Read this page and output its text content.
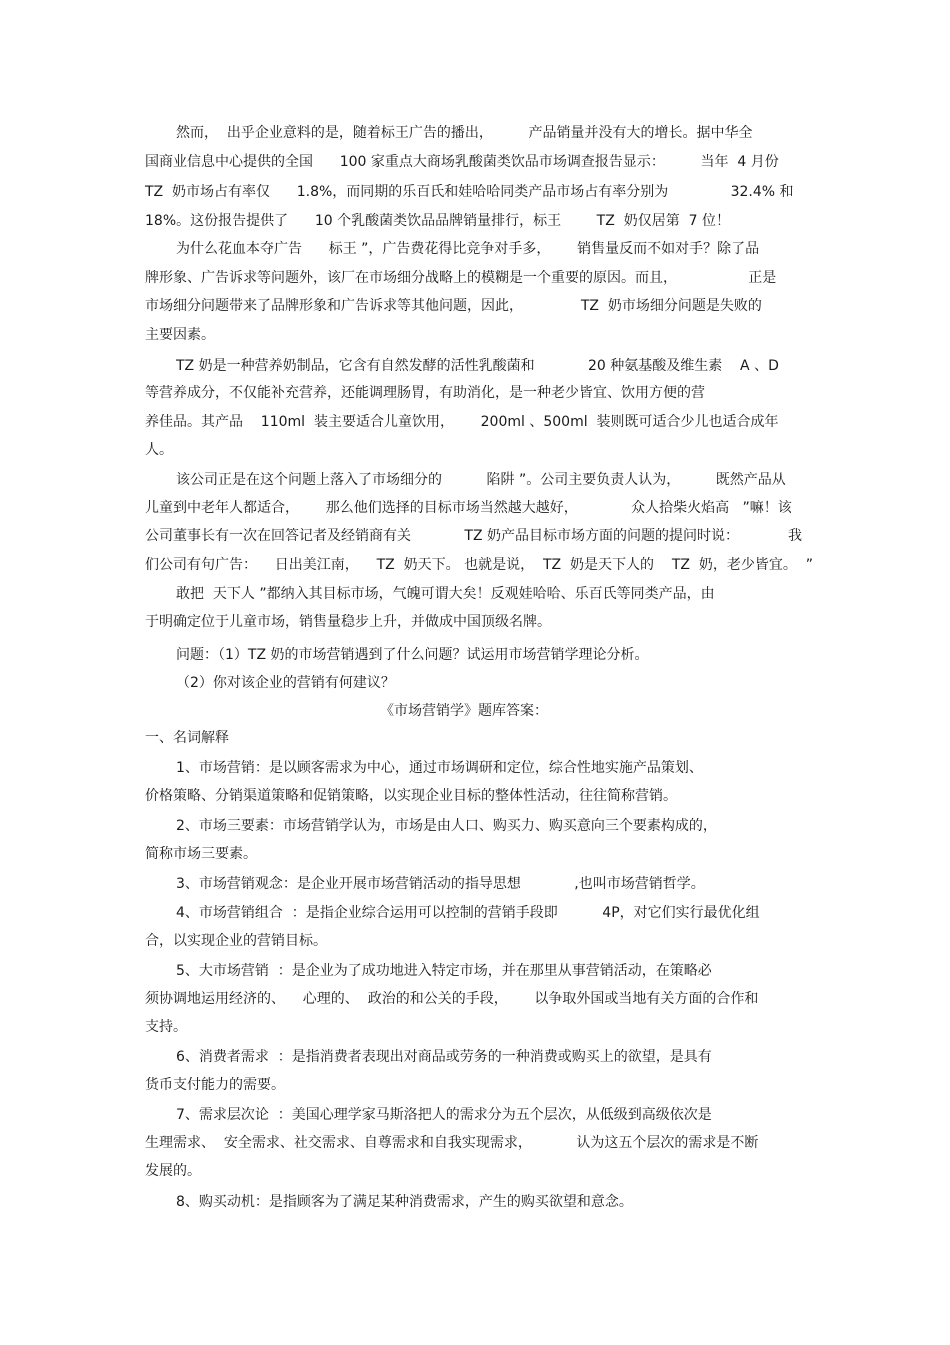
然而，  出乎企业意料的是，随着标王广告的播出，        产品销量并没有大的增长。据中华全
国商业信息中心提供的全国      100 家重点大商场乳酸菌类饮品市场调查报告显示：        当年  4 月份
TZ  奶市场占有率仅      1.8%，而同期的乐百氏和娃哈哈同类产品市场占有率分别为              32.4% 和
18%。这份报告提供了      10 个乳酸菌类饮品品牌销量排行，标王        TZ  奶仅居第  7 位！
为什么花血本夺广告      标王 ”，广告费花得比竞争对手多，      销售量反而不如对手？除了品
牌形象、广告诉求等问题外，该厂在市场细分战略上的模糊是一个重要的原因。而且，                正是
市场细分问题带来了品牌形象和广告诉求等其他问题，因此，             TZ  奶市场细分问题是失败的
主要因素。
TZ 奶是一种营养奶制品，它含有自然发酵的活性乳酸菌和            20 种氨基酸及维生素    A 、D
等营养成分，不仅能补充营养，还能调理肠胃，有助消化，是一种老少皆宜、饮用方便的营
养佳品。其产品    110ml  装主要适合儿童饮用，      200ml 、500ml  装则既可适合少儿也适合成年
人。
该公司正是在这个问题上落入了市场细分的          陷阱 ”。公司主要负责人认为，        既然产品从
儿童到中老年人都适合，      那么他们选择的目标市场当然越大越好，            众人拾柴火焰高   ”嘛！该
公司董事长有一次在回答记者及经销商有关            TZ 奶产品目标市场方面的问题的提问时说：           我
们公司有句广告：    日出美江南，    TZ  奶天下。 也就是说，  TZ  奶是天下人的    TZ  奶，老少皆宜。  ”
敢把  天下人 ”都纳入其目标市场，气魄可谓大矣！反观娃哈哈、乐百氏等同类产品，由
于明确定位于儿童市场，销售量稳步上升，并做成中国顶级名牌。
问题：（1）TZ 奶的市场营销遇到了什么问题？试运用市场营销学理论分析。
（2）你对该企业的营销有何建议？
《市场营销学》题库答案：
一、名词解释
1、市场营销：是以顾客需求为中心，通过市场调研和定位，综合性地实施产品策划、
价格策略、分销渠道策略和促销策略，以实现企业目标的整体性活动，往往简称营销。
2、市场三要素：市场营销学认为，市场是由人口、购买力、购买意向三个要素构成的，
简称市场三要素。
3、市场营销观念：是企业开展市场营销活动的指导思想            ,也叫市场营销哲学。
4、市场营销组合  ：是指企业综合运用可以控制的营销手段即          4P，对它们实行最优化组
合，以实现企业的营销目标。
5、大市场营销  ：是企业为了成功地进入特定市场，并在那里从事营销活动，在策略必
须协调地运用经济的、    心理的、  政治的和公关的手段，      以争取外国或当地有关方面的合作和
支持。
6、消费者需求  ：是指消费者表现出对商品或劳务的一种消费或购买上的欲望，是具有
货币支付能力的需要。
7、需求层次论  ：美国心理学家马斯洛把人的需求分为五个层次，从低级到高级依次是
生理需求、  安全需求、社交需求、自尊需求和自我实现需求，          认为这五个层次的需求是不断
发展的。
8、购买动机：是指顾客为了满足某种消费需求，产生的购买欲望和意念。
